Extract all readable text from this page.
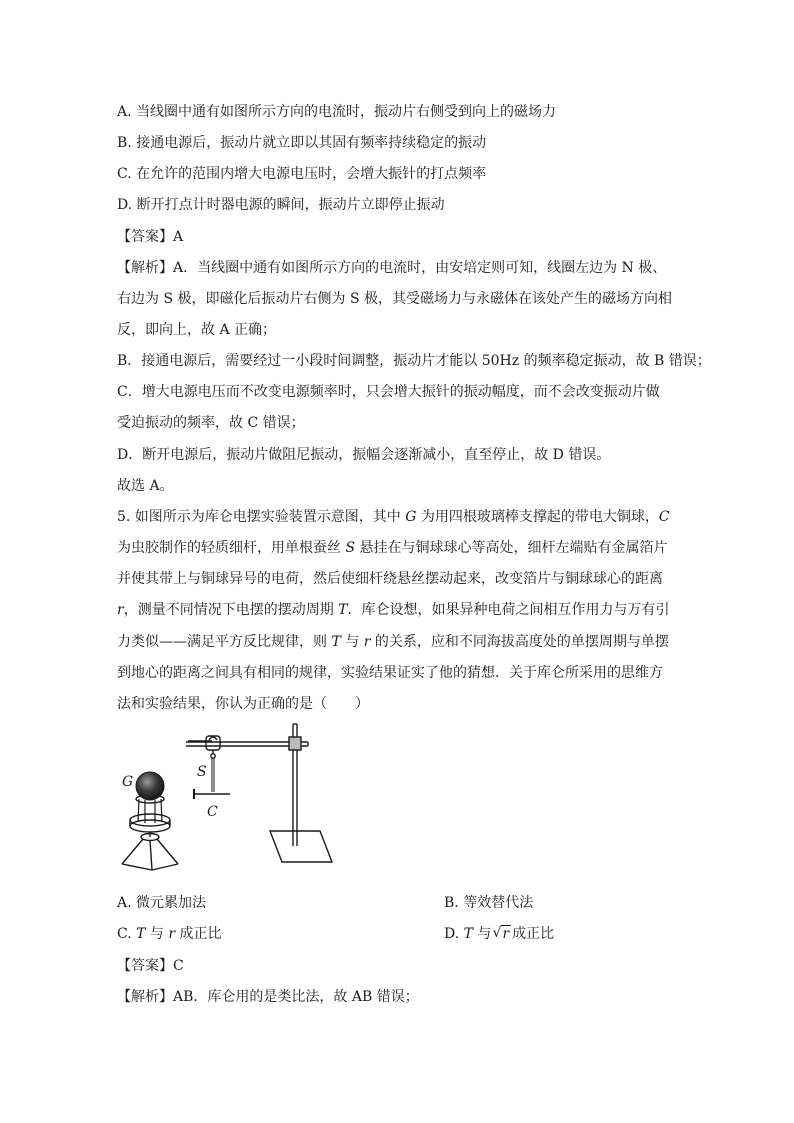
A. 当线圈中通有如图所示方向的电流时，振动片右侧受到向上的磁场力
B. 接通电源后，振动片就立即以其固有频率持续稳定的振动
C. 在允许的范围内增大电源电压时，会增大振针的打点频率
D. 断开打点计时器电源的瞬间，振动片立即停止振动
【答案】A
【解析】A．当线圈中通有如图所示方向的电流时，由安培定则可知，线圈左边为 N 极、
右边为 S 极，即磁化后振动片右侧为 S 极，其受磁场力与永磁体在该处产生的磁场方向相
反，即向上，故 A 正确；
B．接通电源后，需要经过一小段时间调整，振动片才能以 50Hz 的频率稳定振动，故 B 错误；
C．增大电源电压而不改变电源频率时，只会增大振针的振动幅度，而不会改变振动片做
受迫振动的频率，故 C 错误；
D．断开电源后，振动片做阻尼振动，振幅会逐渐减小，直至停止，故 D 错误。
故选 A。
5. 如图所示为库仑电摆实验装置示意图，其中 G 为用四根玻璃棒支撑起的带电大铜球，C
为虫胶制作的轻质细杆，用单根蚕丝 S 悬挂在与铜球球心等高处，细杆左端贴有金属箔片
并使其带上与铜球异号的电荷，然后使细杆绕悬丝摆动起来，改变箔片与铜球球心的距离
r，测量不同情况下电摆的摆动周期 T．库仑设想，如果异种电荷之间相互作用力与万有引
力类似——满足平方反比规律，则 T 与 r 的关系，应和不同海拔高度处的单摆周期与单摆
到地心的距离之间具有相同的规律，实验结果证实了他的猜想．关于库仑所采用的思维方
法和实验结果，你认为正确的是（　　）
G
S
C
A. 微元累加法	B. 等效替代法
C. T 与 r 成正比	D. T 与 √ r 成正比
【答案】C
【解析】AB．库仑用的是类比法，故 AB 错误；
